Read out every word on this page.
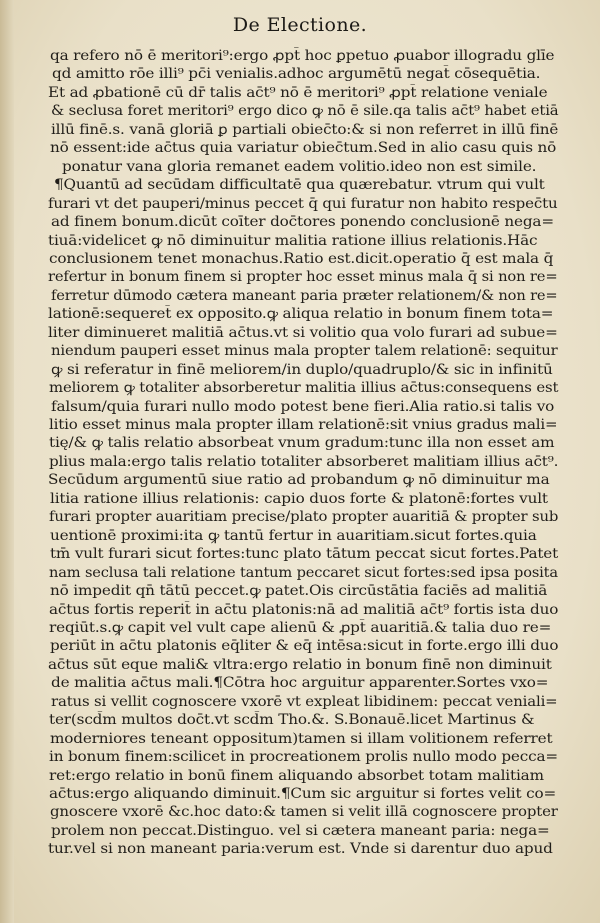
De Electione.
qa refero nō ē meritori⁹:ergo ꝓpt̄ hoc ꝑpetuo ꝓuabor illogradu glīe
qd amitto rōe illi⁹ pc̄i venialis.adhoc argumētū negat̄ cōsequētia.
Et ad ꝓbationē cū dr̄ talis ac̄t⁹ nō ē meritori⁹ ꝓpt̄ relatione veniale
& seclusa foret meritori⁹ ergo dico ꝙ nō ē sile.qa talis ac̄t⁹ habet etiā
illū finē.s. vanā gloriā ꝑ partiali obiec̄to:& si non referret in illū finē
nō essent:ide ac̄tus quia variatur obiec̄tum.Sed in alio casu quis nō
ponatur vana gloria remanet eadem volitio.ideo non est simile.
¶Quantū ad secūdam difficultatē qua quærebatur. vtrum qui vult
furari vt det pauperi/minus peccet q̄ qui furatur non habito respec̄tu
ad finem bonum.dicūt coīter doc̄tores ponendo conclusionē nega=
tiuā:videlicet ꝙ nō diminuitur malitia ratione illius relationis.Hāc
conclusionem tenet monachus.Ratio est.dicit.operatio q̄ est mala q̄
refertur in bonum finem si propter hoc esset minus mala q̄ si non re=
ferretur dūmodo cætera maneant paria præter relationem/& non re=
lationē:sequeret̄ ex opposito.ꝙ aliqua relatio in bonum finem tota=
liter diminueret malitiā ac̄tus.vt si volitio qua volo furari ad subue=
niendum pauperi esset minus mala propter talem relationē: sequitur
ꝙ si referatur in finē meliorem/in duplo/quadruplo/& sic in infinitū
meliorem ꝙ totaliter absorberetur malitia illius ac̄tus:consequens est
falsum/quia furari nullo modo potest bene fieri.Alia ratio.si talis vo
litio esset minus mala propter illam relationē:sit vnius gradus mali=
tię/& ꝙ talis relatio absorbeat vnum gradum:tunc illa non esset am
plius mala:ergo talis relatio totaliter absorberet malitiam illius ac̄t⁹.
Secūdum argumentū siue ratio ad probandum ꝙ nō diminuitur ma
litia ratione illius relationis: capio duos forte & platonē:fortes vult
furari propter auaritiam precise/plato propter auaritiā & propter sub
uentionē proximi:ita ꝙ tantū fertur in auaritiam.sicut fortes.quia
tm̄ vult furari sicut fortes:tunc plato tātum peccat sicut fortes.Patet
nam seclusa tali relatione tantum peccaret sicut fortes:sed ipsa posita
nō impedit qn̄ tātū peccet.ꝙ patet.Ois circūstātia faciēs ad malitiā
ac̄tus fortis reperit̄ in ac̄tu platonis:nā ad malitiā ac̄t⁹ fortis ista duo
reqiūt.s.ꝙ capit vel vult cape alienū & ꝓpt̄ auaritiā.& talia duo re=
periūt in ac̄tu platonis eq̄liter & eq̄ intēsa:sicut in forte.ergo illi duo
ac̄tus sūt eque mali& vltra:ergo relatio in bonum finē non diminuit
de malitia ac̄tus mali.¶Cōtra hoc arguitur apparenter.Sortes vxo=
ratus si vellit cognoscere vxorē vt expleat libidinem: peccat veniali=
ter(scd̄m multos doc̄t.vt scd̄m Tho.&. S.Bonauē.licet Martinus &
moderniores teneant oppositum)tamen si illam volitionem referret
in bonum finem:scilicet in procreationem prolis nullo modo pecca=
ret:ergo relatio in bonū finem aliquando absorbet totam malitiam
ac̄tus:ergo aliquando diminuit.¶Cum sic arguitur si fortes velit co=
gnoscere vxorē &c.hoc dato:& tamen si velit illā cognoscere propter
prolem non peccat.Distinguo. vel si cætera maneant paria: nega=
tur.vel si non maneant paria:verum est. Vnde si darentur duo apud
